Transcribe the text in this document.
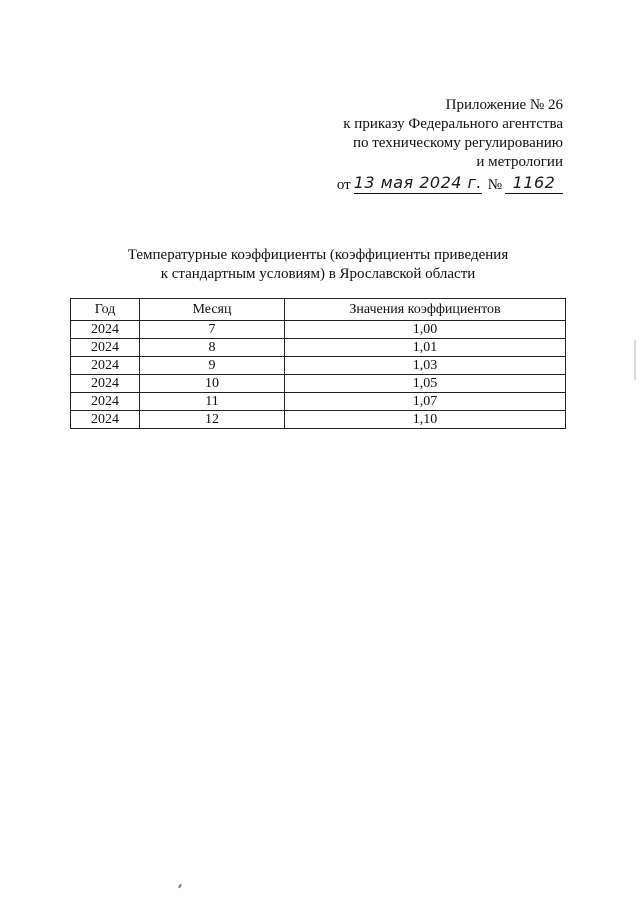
Приложение № 26
к приказу Федерального агентства
по техническому регулированию
и метрологии
от 13 мая 2024 г. № 1162
Температурные коэффициенты (коэффициенты приведения
к стандартным условиям) в Ярославской области
Год	Месяц	Значения коэффициентов
2024	7	1,00
2024	8	1,01
2024	9	1,03
2024	10	1,05
2024	11	1,07
2024	12	1,10
